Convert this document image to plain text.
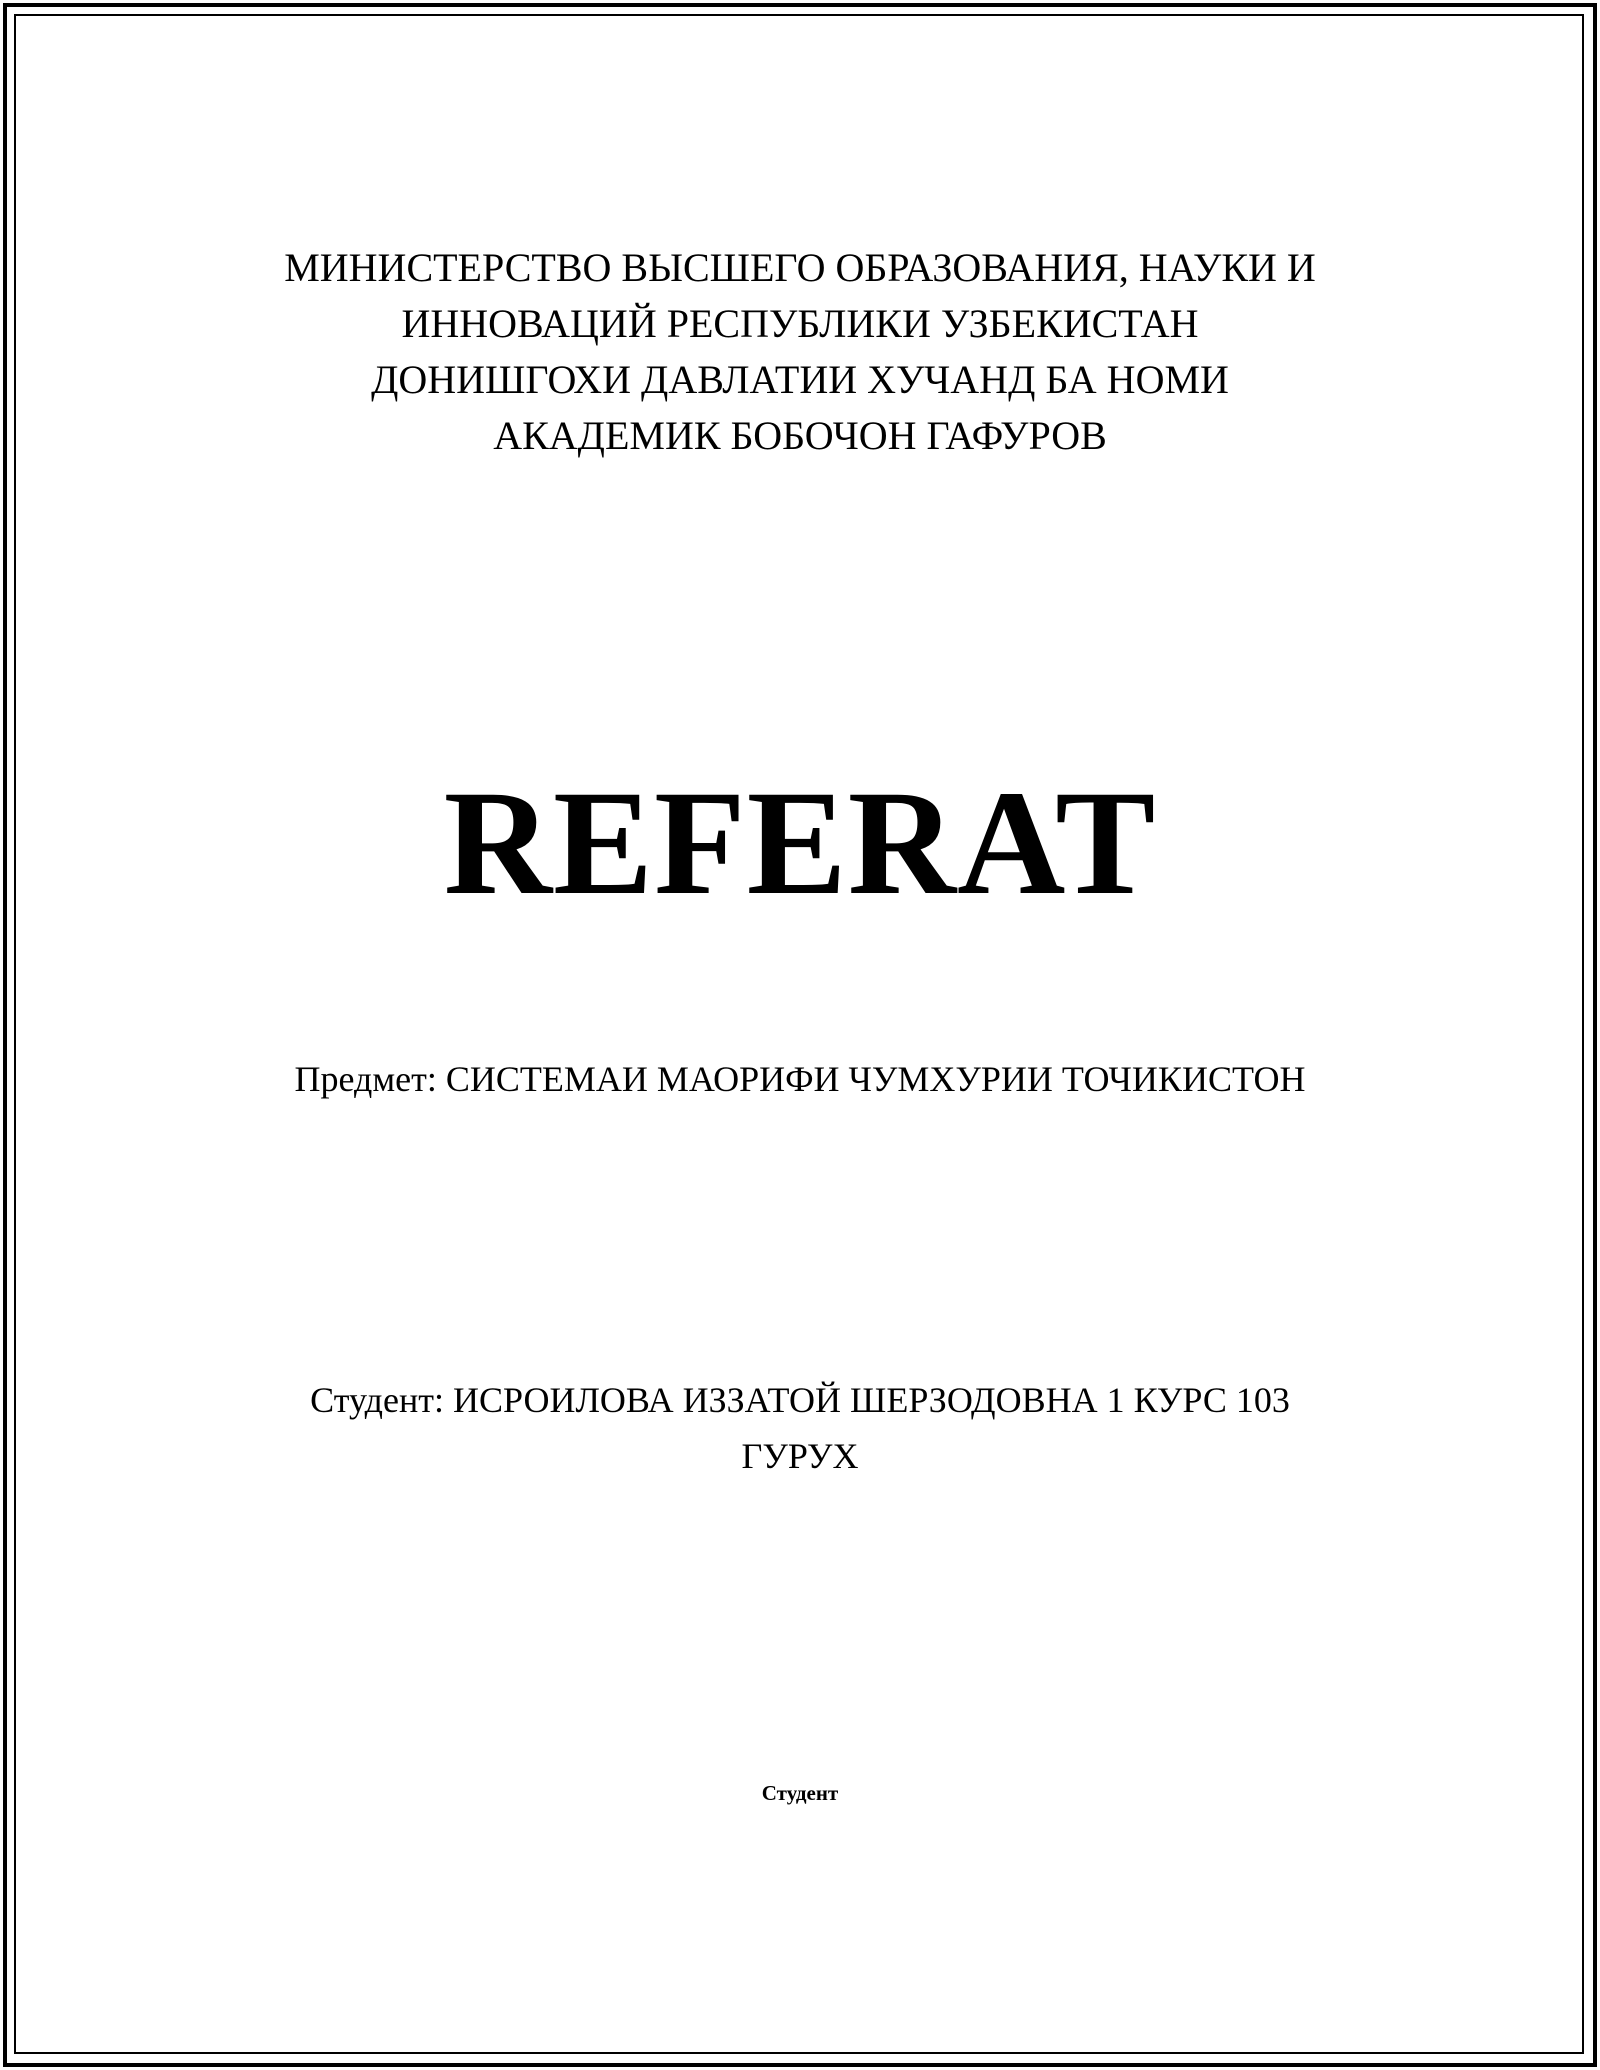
МИНИСТЕРСТВО ВЫСШЕГО ОБРАЗОВАНИЯ, НАУКИ И
ИННОВАЦИЙ РЕСПУБЛИКИ УЗБЕКИСТАН
ДОНИШГОХИ ДАВЛАТИИ ХУЧАНД БА НОМИ
АКАДЕМИК БОБОЧОН ГАФУРОВ
REFERAT
Предмет: СИСТЕМАИ МАОРИФИ ЧУМХУРИИ ТОЧИКИСТОН
Студент: ИСРОИЛОВА ИЗЗАТОЙ ШЕРЗОДОВНА 1 КУРС 103
ГУРУХ
Студент
